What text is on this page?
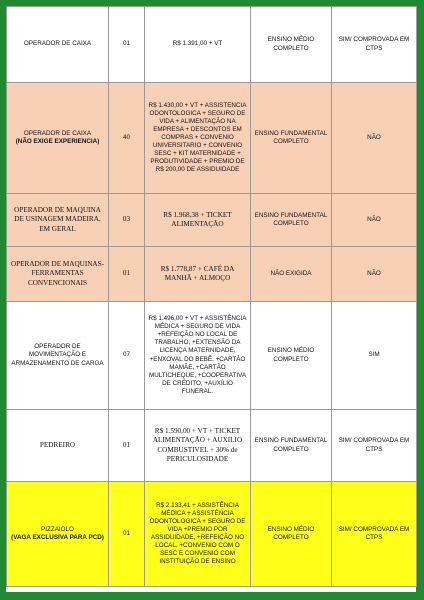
OPERADOR DE CAIXA	01	R$ 1.391,00 + VT	ENSINO MÉDIO COMPLETO	SIM/ COMPROVADA EM CTPS

OPERADOR DE CAIXA
(NÃO EXIGE EXPERIENCIA)	40	R$ 1.430,00 + VT + ASSISTENCIA ODONTOLOGICA + SEGURO DE VIDA + ALIMENTAÇÃO NA EMPRESA + DESCONTOS EM COMPRAS + CONVENIO UNIVERSITARIO + CONVENIO SESC + KIT MATERNIDADE + PRODUTIVIDADE + PREMIO DE R$ 200,00 DE ASSIDUIDADE	ENSINO FUNDAMENTAL COMPLETO	NÃO

OPERADOR DE MAQUINA DE USINAGEM MADEIRA, EM GERAL	03	R$ 1.968,38 + TICKET ALIMENTAÇÃO	ENSINO FUNDAMENTAL COMPLETO	NÃO

OPERADOR DE MAQUINAS-FERRAMENTAS CONVENCIONAIS	01	R$ 1.778,87 + CAFÉ DA MANHÃ + ALMOÇO	NÃO EXIGIDA	NÃO

OPERADOR DE MOVIMENTAÇÃO E ARMAZENAMENTO DE CARGA	07	R$ 1.496,00 + VT + ASSISTÊNCIA MÉDICA + SEGURO DE VIDA +REFEIÇÃO NO LOCAL DE TRABALHO, +EXTENSÃO DA LICENÇA MATERNIDADE, +ENXOVAL DO BEBÊ, +CARTÃO MAMÃE, +CARTÃO MULTICHEQUE, +COOPERATIVA DE CRÉDITO, +AUXÍLIO FUNERAL.	ENSINO MÉDIO COMPLETO	SIM

PEDREIRO	01	R$ 1.590,00 + VT + TICKET ALIMENTAÇÃO + AUXILIO COMBUSTIVEL + 30% de PERICULOSIDADE	ENSINO FUNDAMENTAL COMPLETO	SIM/ COMPROVADA EM CTPS

PIZZAIOLO
(VAGA EXCLUSIVA PARA PCD)	01	R$ 2.133,41 + ASSISTÊNCIA MÉDICA + ASSISTÊNCIA ODONTOLOGICA + SEGURO DE VIDA +PREMIO POR ASSIDUIDADE, +REFEIÇÃO NO LOCAL, +CONVENIO COM O SESC E CONVENIO COM INSTITUIÇÃO DE ENSINO	ENSINO MÉDIO COMPLETO	SIM/ COMPROVADA EM CTPS
